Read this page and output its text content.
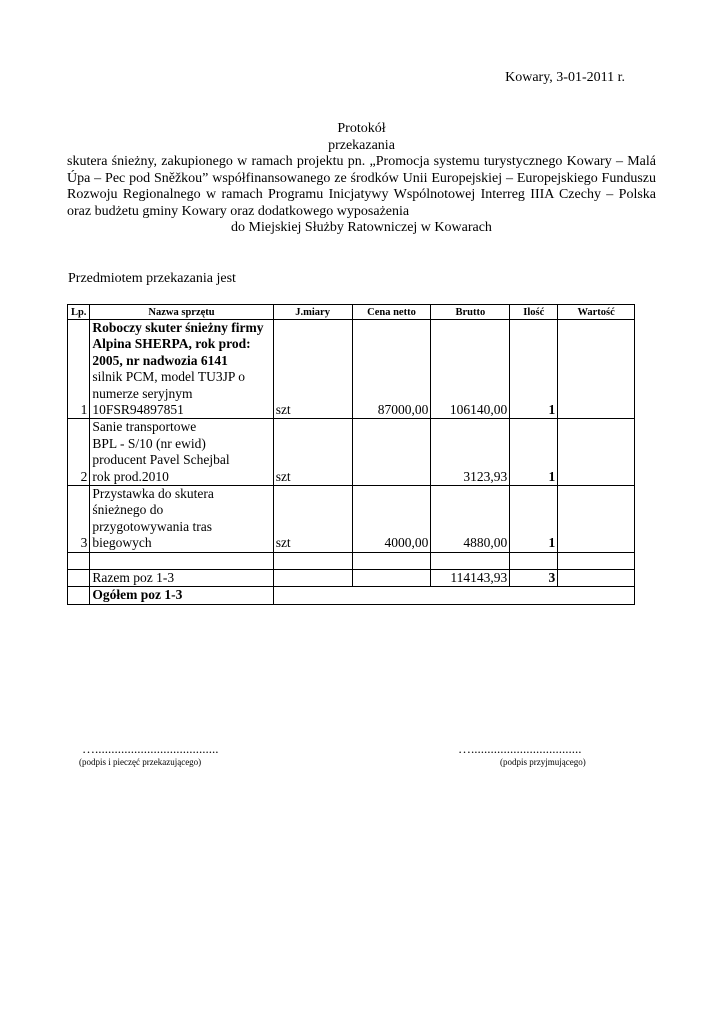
Kowary, 3-01-2011 r.
Protokół
przekazania
skutera śnieżny, zakupionego w ramach projektu pn. „Promocja systemu turystycznego Kowary – Malá Úpa – Pec pod Sněžkou” współfinansowanego ze środków Unii Europejskiej – Europejskiego Funduszu Rozwoju Regionalnego w ramach Programu Inicjatywy Wspólnotowej Interreg IIIA Czechy – Polska oraz budżetu gminy Kowary oraz dodatkowego wyposażenia
do Miejskiej Służby Ratowniczej w Kowarach
Przedmiotem przekazania jest
Lp.	Nazwa sprzętu	J.miary	Cena netto	Brutto	Ilość	Wartość
1	Roboczy skuter śnieżny firmy Alpina SHERPA, rok prod: 2005, nr nadwozia 6141
silnik PCM, model TU3JP o
numerze seryjnym
10FSR94897851	szt	87000,00	106140,00	1	
2	Sanie transportowe
BPL - S/10 (nr ewid)
producent Pavel Schejbal
rok prod.2010	szt		3123,93	1	
3	Przystawka do skutera
śnieżnego do
przygotowywania tras
biegowych	szt	4000,00	4880,00	1	

	Razem poz 1-3			114143,93	3	
	Ogółem poz 1-3					
…......................................
(podpis i pieczęć przekazującego)
…..................................
(podpis przyjmującego)
